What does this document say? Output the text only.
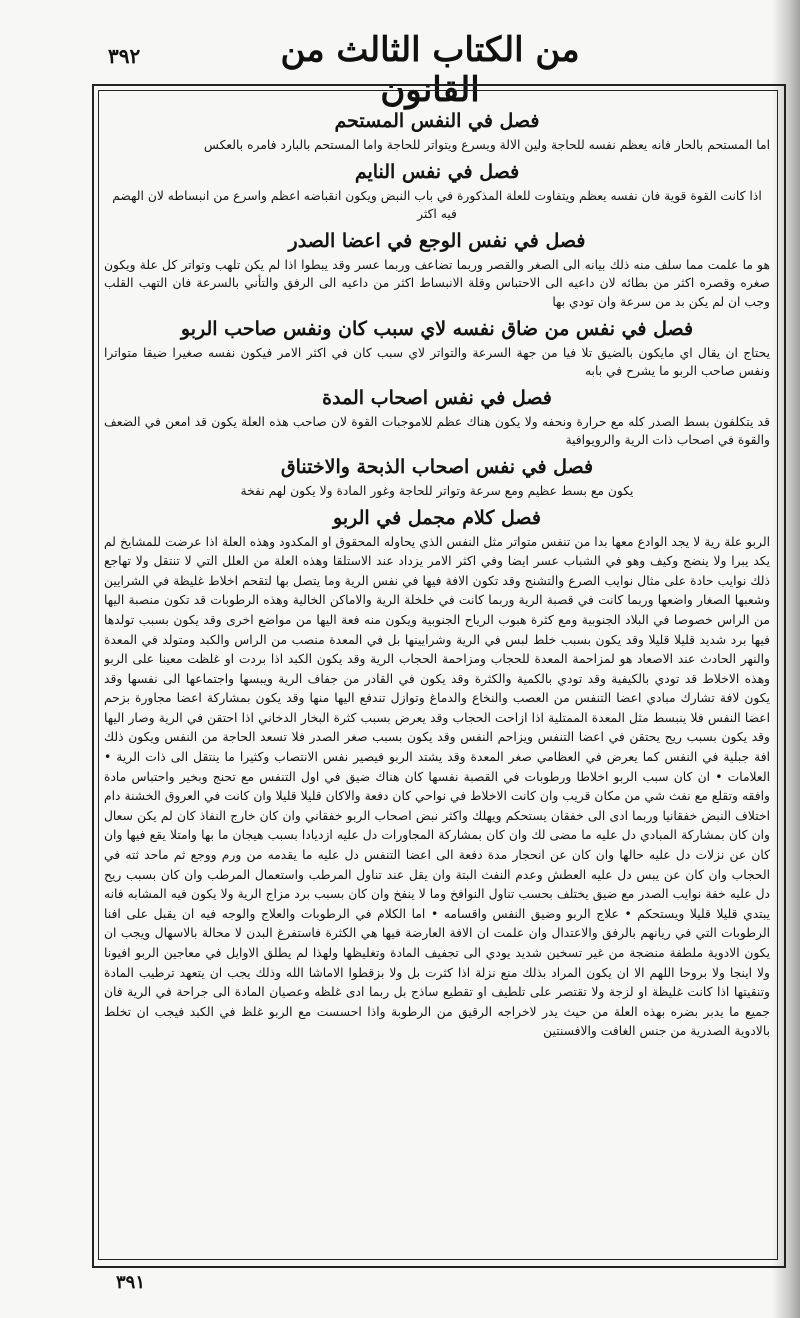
٣٩٢	من الكتاب الثالث من القانون
فصل في النفس المستحم
اما المستحم بالحار فانه يعظم نفسه للحاجة ولين الالة ويسرع ويتواتر للحاجة واما المستحم بالبارد فامره بالعكس
فصل في نفس النايم
اذا كانت القوة قوية فان نفسه يعظم ويتفاوت للعلة المذكورة في باب النبض ويكون انقباضه اعظم واسرع من انبساطه لان الهضم فيه اكثر
فصل في نفس الوجع في اعضا الصدر
هو ما علمت مما سلف منه ذلك بيانه الى الصغر والقصر وربما تضاعف وربما عسر وقد يبطوا اذا لم يكن تلهب وتواتر كل علة ويكون صغره وقصره اكثر من بطائه لان داعيه الى الاحتباس وقلة الانبساط اكثر من داعيه الى الرفق والتأني بالسرعة فان التهب القلب وجب ان لم يكن بد من سرعة وان تودي بها
فصل في نفس من ضاق نفسه لاي سبب كان ونفس صاحب الربو
يحتاج ان يقال اي مايكون بالضيق تلا فيا من جهة السرعة والتواتر لاي سبب كان في اكثر الامر فيكون نفسه صغيرا ضيقا متواترا ونفس صاحب الربو ما يشرح في بابه
فصل في نفس اصحاب المدة
قد يتكلفون بسط الصدر كله مع حرارة ونحفه ولا يكون هناك عظم للاموجبات القوة لان صاحب هذه العلة يكون قد امعن في الضعف والقوة في اصحاب ذات الرية والرويوافية
فصل في نفس اصحاب الذبحة والاختناق
يكون مع بسط عظيم ومع سرعة وتواتر للحاجة وغور المادة ولا يكون لهم نفخة
فصل كلام مجمل في الربو
الربو علة رية لا يجد الوادع معها بدا من تنفس متواتر مثل النفس الذي يحاوله المحقوق او المكدود وهذه العلة اذا عرضت للمشايخ لم يكد يبرا ولا ينضج وكيف وهو في الشباب عسر ايضا وفي اكثر الامر يزداد عند الاستلقا وهذه العلة من العلل التي لا تنتقل ولا تهاجع ذلك نوايب حادة على مثال نوايب الصرع والتشنج وقد تكون الافة فيها في نفس الرية وما يتصل بها لتقحم اخلاط غليظة في الشرايين وشعبها الصغار واضعها وربما كانت في قصبة الرية وربما كانت في خلخلة الرية والاماكن الخالية وهذه الرطوبات قد تكون منصبة اليها من الراس خصوصا في البلاد الجنوبية ومع كثرة هبوب الرياح الجنوبية ويكون منه فعة اليها من مواضع اخرى وقد يكون بسبب تولدها فيها برد شديد قليلا قليلا وقد يكون بسبب خلط لبس في الرية وشرايينها بل في المعدة منصب من الراس والكبد ومتولد في المعدة والنهر الحادث عند الاصعاد هو لمزاحمة المعدة للحجاب ومزاحمة الحجاب الرية وقد يكون الكبد اذا بردت او غلظت معينا على الربو وهذه الاخلاط قد تودي بالكيفية وقد تودي بالكمية والكثرة وقد يكون في القادر من جفاف الرية ويبسها واجتماعها الى نفسها وقد يكون لافة تشارك مبادي اعضا التنفس من العصب والنخاع والدماغ وتوازل تندفع اليها منها وقد يكون بمشاركة اعضا مجاورة بزحم اعضا النفس فلا ينبسط مثل المعدة الممتلية اذا ازاحت الحجاب وقد يعرض بسبب كثرة البخار الدخاني اذا احتقن في الرية وصار اليها وقد يكون بسبب ريح يحتقن في اعضا التنفس ويزاحم النفس وقد يكون بسبب صغر الصدر فلا تسعد الحاجة من النفس ويكون ذلك افة جبلية في النفس كما يعرض في العظامي صغر المعدة وقد يشتد الربو فيصير نفس الانتصاب وكثيرا ما ينتقل الى ذات الرية • العلامات • ان كان سبب الربو اخلاطا ورطوبات في القصبة نفسها كان هناك ضيق في اول التنفس مع تحنج وبخير واحتباس مادة وافقه وتقلع مع نفث شي من مكان قريب وان كانت الاخلاط في نواحي كان دفعة والاكان قليلا قليلا وان كانت في العروق الخشنة دام اختلاف النبض خفقانيا وربما ادى الى خفقان يستحكم ويهلك واكثر نبض اصحاب الربو خفقاني وان كان خارج النفاذ كان لم يكن سعال وان كان بمشاركة المبادي دل عليه ما مضى لك وان كان بمشاركة المجاورات دل عليه ازديادا بسبب هيجان ما بها وامتلا يقع فيها وان كان عن نزلات دل عليه حالها وان كان عن انحجار مدة دفعة الى اعضا التنفس دل عليه ما يقدمه من ورم ووجع ثم ماحد ثته في الحجاب وان كان عن يبس دل عليه العطش وعدم النفث البتة وان يقل عند تناول المرطب واستعمال المرطب وان كان بسبب ريح دل عليه خفة نوايب الصدر مع ضيق يختلف بحسب تناول النوافخ وما لا ينفخ وان كان بسبب برد مزاج الرية ولا يكون فيه المشابه فانه يبتدي قليلا قليلا ويستحكم • علاج الربو وضيق النفس واقسامه • اما الكلام في الرطوبات والعلاج والوجه فيه ان يقبل على افنا الرطوبات التي في ريانهم بالرفق والاعتدال وان علمت ان الافة العارضة فيها هي الكثرة فاستفرغ البدن لا محالة بالاسهال ويجب ان يكون الادوية ملطفة منضجة من غير تسخين شديد يودي الى تجفيف المادة وتغليظها ولهذا لم يطلق الاوايل في معاجين الربو افيونا ولا اينجا ولا بروحا اللهم الا ان يكون المراد بذلك منع نزلة اذا كثرت بل ولا بزقطوا الاماشا الله وذلك يجب ان يتعهد ترطيب المادة وتنقيتها اذا كانت غليظة او لزجة ولا تقتصر على تلطيف او تقطيع ساذج بل ربما ادى غلظه وعصيان المادة الى جراحة في الرية فان جميع ما يدبر بضره بهذه العلة من حيث يدر لاخراجه الرقيق من الرطوبة واذا احسست مع الربو غلظ في الكبد فيجب ان تخلط بالادوية الصدرية من جنس الغافت والافسنتين
٣٩١
